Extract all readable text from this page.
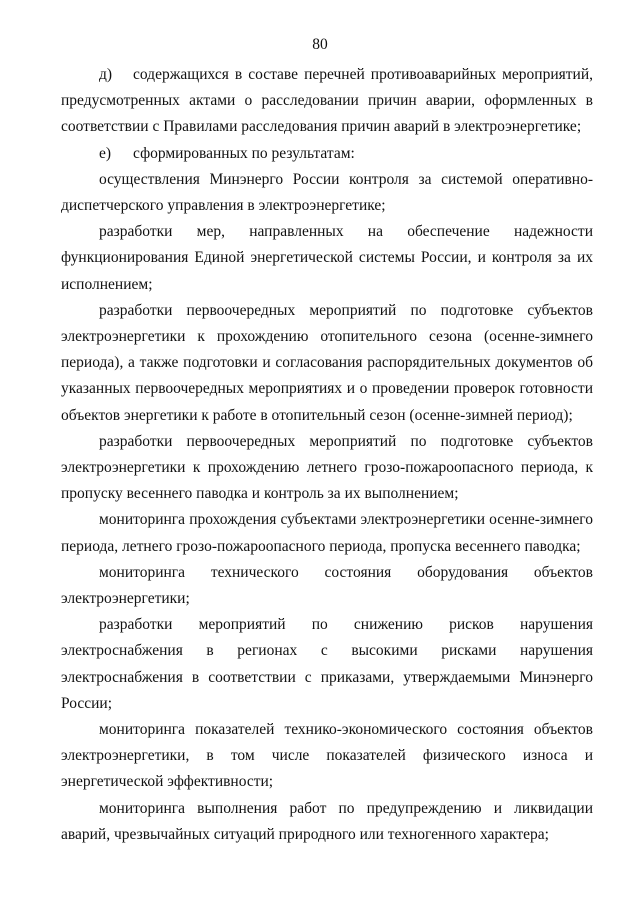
80

д) содержащихся в составе перечней противоаварийных мероприятий, предусмотренных актами о расследовании причин аварии, оформленных в соответствии с Правилами расследования причин аварий в электроэнергетике;

е) сформированных по результатам:

осуществления Минэнерго России контроля за системой оперативно-диспетчерского управления в электроэнергетике;

разработки мер, направленных на обеспечение надежности функционирования Единой энергетической системы России, и контроля за их исполнением;

разработки первоочередных мероприятий по подготовке субъектов электроэнергетики к прохождению отопительного сезона (осенне-зимнего периода), а также подготовки и согласования распорядительных документов об указанных первоочередных мероприятиях и о проведении проверок готовности объектов энергетики к работе в отопительный сезон (осенне-зимней период);

разработки первоочередных мероприятий по подготовке субъектов электроэнергетики к прохождению летнего грозо-пожароопасного периода, к пропуску весеннего паводка и контроль за их выполнением;

мониторинга прохождения субъектами электроэнергетики осенне-зимнего периода, летнего грозо-пожароопасного периода, пропуска весеннего паводка;

мониторинга технического состояния оборудования объектов электроэнергетики;

разработки мероприятий по снижению рисков нарушения электроснабжения в регионах с высокими рисками нарушения электроснабжения в соответствии с приказами, утверждаемыми Минэнерго России;

мониторинга показателей технико-экономического состояния объектов электроэнергетики, в том числе показателей физического износа и энергетической эффективности;

мониторинга выполнения работ по предупреждению и ликвидации аварий, чрезвычайных ситуаций природного или техногенного характера;
